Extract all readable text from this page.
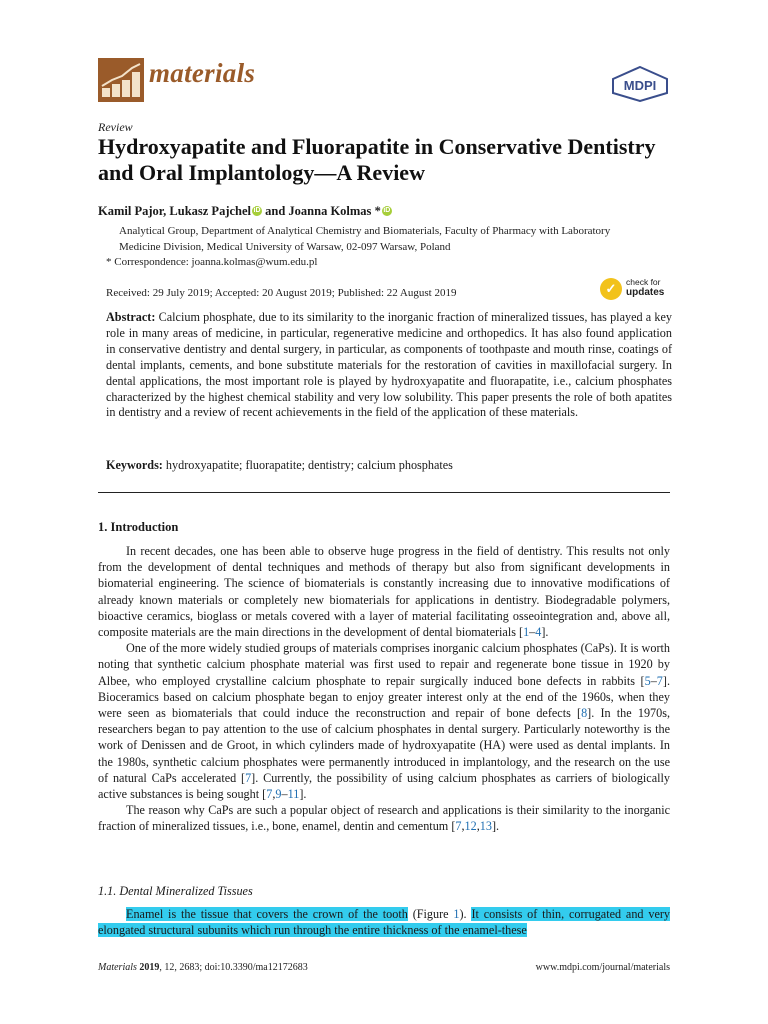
materials	MDPI
Review
Hydroxyapatite and Fluorapatite in Conservative Dentistry and Oral Implantology—A Review
Kamil Pajor, Lukasz Pajchel iD and Joanna Kolmas * iD
Analytical Group, Department of Analytical Chemistry and Biomaterials, Faculty of Pharmacy with Laboratory
Medicine Division, Medical University of Warsaw, 02-097 Warsaw, Poland
* Correspondence: joanna.kolmas@wum.edu.pl
Received: 29 July 2019; Accepted: 20 August 2019; Published: 22 August 2019	✓	check for
updates
Abstract: Calcium phosphate, due to its similarity to the inorganic fraction of mineralized tissues, has played a key role in many areas of medicine, in particular, regenerative medicine and orthopedics. It has also found application in conservative dentistry and dental surgery, in particular, as components of toothpaste and mouth rinse, coatings of dental implants, cements, and bone substitute materials for the restoration of cavities in maxillofacial surgery. In dental applications, the most important role is played by hydroxyapatite and fluorapatite, i.e., calcium phosphates characterized by the highest chemical stability and very low solubility. This paper presents the role of both apatites in dentistry and a review of recent achievements in the field of the application of these materials.
Keywords: hydroxyapatite; fluorapatite; dentistry; calcium phosphates
1. Introduction

In recent decades, one has been able to observe huge progress in the field of dentistry. This results not only from the development of dental techniques and methods of therapy but also from significant developments in biomaterial engineering. The science of biomaterials is constantly increasing due to innovative modifications of already known materials or completely new biomaterials for applications in dentistry. Biodegradable polymers, bioactive ceramics, bioglass or metals covered with a layer of material facilitating osseointegration and, above all, composite materials are the main directions in the development of dental biomaterials [1–4].

One of the more widely studied groups of materials comprises inorganic calcium phosphates (CaPs). It is worth noting that synthetic calcium phosphate material was first used to repair and regenerate bone tissue in 1920 by Albee, who employed crystalline calcium phosphate to repair surgically induced bone defects in rabbits [5–7]. Bioceramics based on calcium phosphate began to enjoy greater interest only at the end of the 1960s, when they were seen as biomaterials that could induce the reconstruction and repair of bone defects [8]. In the 1970s, researchers began to pay attention to the use of calcium phosphates in dental surgery. Particularly noteworthy is the work of Denissen and de Groot, in which cylinders made of hydroxyapatite (HA) were used as dental implants. In the 1980s, synthetic calcium phosphates were permanently introduced in implantology, and the research on the use of natural CaPs accelerated [7]. Currently, the possibility of using calcium phosphates as carriers of biologically active substances is being sought [7,9–11].

The reason why CaPs are such a popular object of research and applications is their similarity to the inorganic fraction of mineralized tissues, i.e., bone, enamel, dentin and cementum [7,12,13].

1.1. Dental Mineralized Tissues
Enamel is the tissue that covers the crown of the tooth (Figure 1). It consists of thin, corrugated and very elongated structural subunits which run through the entire thickness of the enamel-these
Materials 2019, 12, 2683; doi:10.3390/ma12172683	www.mdpi.com/journal/materials
